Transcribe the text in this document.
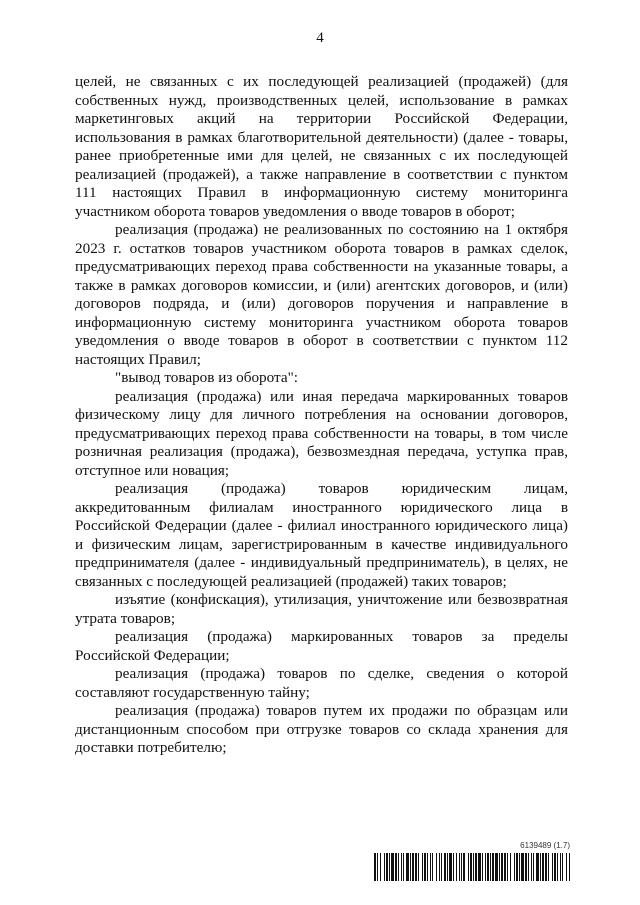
4

целей, не связанных с их последующей реализацией (продажей) (для собственных нужд, производственных целей, использование в рамках маркетинговых акций на территории Российской Федерации, использования в рамках благотворительной деятельности) (далее - товары, ранее приобретенные ими для целей, не связанных с их последующей реализацией (продажей), а также направление в соответствии с пунктом 111 настоящих Правил в информационную систему мониторинга участником оборота товаров уведомления о вводе товаров в оборот;

реализация (продажа) не реализованных по состоянию на 1 октября 2023 г. остатков товаров участником оборота товаров в рамках сделок, предусматривающих переход права собственности на указанные товары, а также в рамках договоров комиссии, и (или) агентских договоров, и (или) договоров подряда, и (или) договоров поручения и направление в информационную систему мониторинга участником оборота товаров уведомления о вводе товаров в оборот в соответствии с пунктом 112 настоящих Правил;

"вывод товаров из оборота":

реализация (продажа) или иная передача маркированных товаров физическому лицу для личного потребления на основании договоров, предусматривающих переход права собственности на товары, в том числе розничная реализация (продажа), безвозмездная передача, уступка прав, отступное или новация;

реализация (продажа) товаров юридическим лицам, аккредитованным филиалам иностранного юридического лица в Российской Федерации (далее - филиал иностранного юридического лица) и физическим лицам, зарегистрированным в качестве индивидуального предпринимателя (далее - индивидуальный предприниматель), в целях, не связанных с последующей реализацией (продажей) таких товаров;

изъятие (конфискация), утилизация, уничтожение или безвозвратная утрата товаров;

реализация (продажа) маркированных товаров за пределы Российской Федерации;

реализация (продажа) товаров по сделке, сведения о которой составляют государственную тайну;

реализация (продажа) товаров путем их продажи по образцам или дистанционным способом при отгрузке товаров со склада хранения для доставки потребителю;

6139489 (1.7)
